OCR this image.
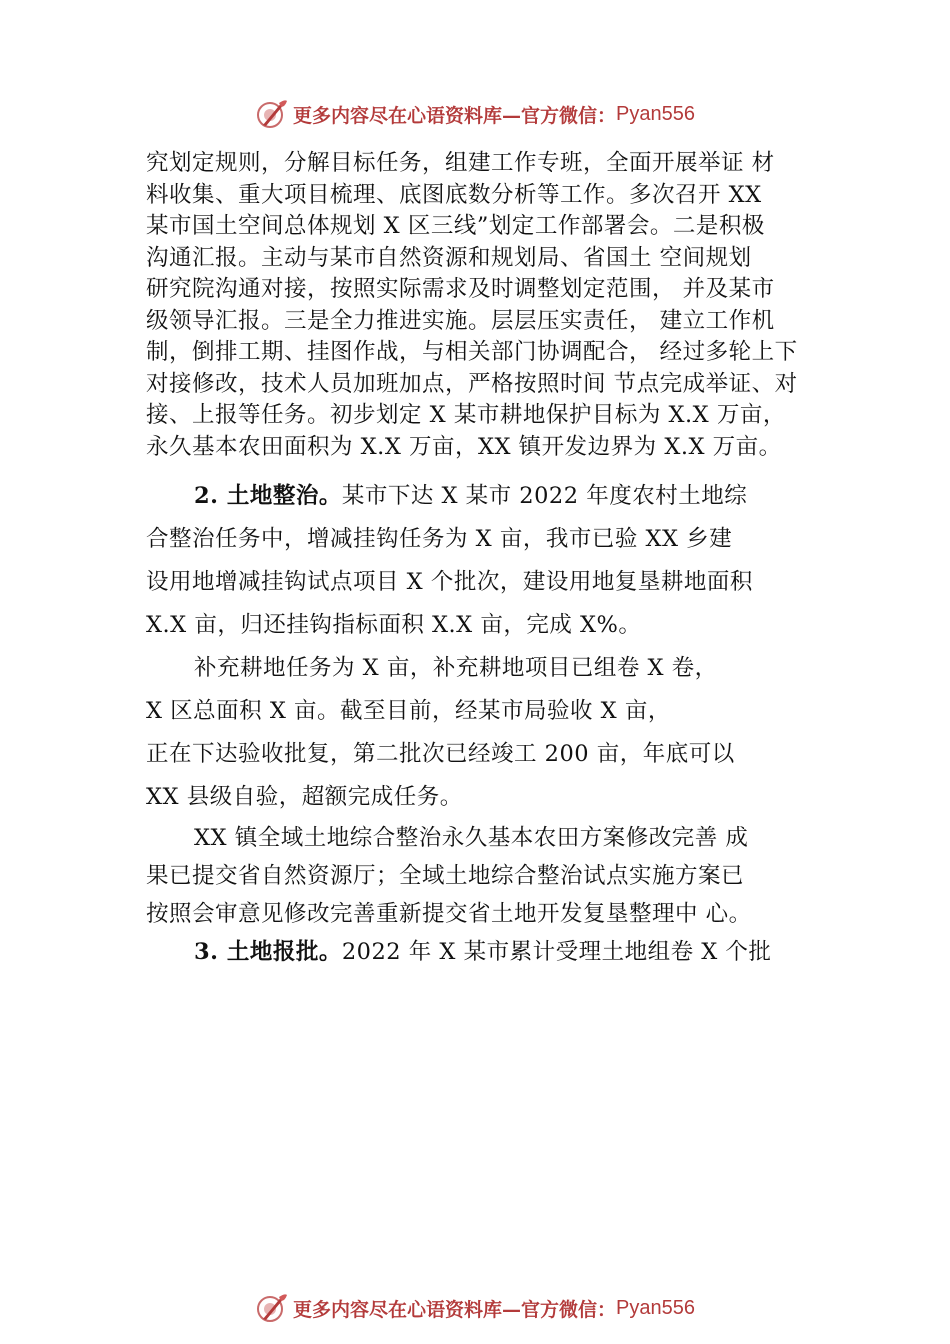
更多内容尽在心语资料库—官方微信： Pyan556
究划定规则，分解目标任务，组建工作专班，全面开展举证 材
料收集、重大项目梳理、底图底数分析等工作。多次召开 XX
某市国土空间总体规划 X 区三线”划定工作部署会。二是积极
沟通汇报。主动与某市自然资源和规划局、省国土 空间规划
研究院沟通对接，按照实际需求及时调整划定范围， 并及某市
级领导汇报。三是全力推进实施。层层压实责任， 建立工作机
制，倒排工期、挂图作战，与相关部门协调配合， 经过多轮上下
对接修改，技术人员加班加点，严格按照时间 节点完成举证、对
接、上报等任务。初步划定 X 某市耕地保护目标为 X.X 万亩，
永久基本农田面积为 X.X 万亩，XX 镇开发边界为 X.X 万亩。
2. 土地整治。某市下达 X 某市 2022 年度农村土地综
合整治任务中，增减挂钩任务为 X 亩，我市已验 XX 乡建
设用地增减挂钩试点项目 X 个批次，建设用地复垦耕地面积
X.X 亩，归还挂钩指标面积 X.X 亩，完成 X%。
补充耕地任务为 X 亩，补充耕地项目已组卷 X 卷，
X 区总面积 X 亩。截至目前，经某市局验收 X 亩，
正在下达验收批复，第二批次已经竣工 200 亩，年底可以
XX 县级自验，超额完成任务。
XX 镇全域土地综合整治永久基本农田方案修改完善 成
果已提交省自然资源厅；全域土地综合整治试点实施方案已
按照会审意见修改完善重新提交省土地开发复垦整理中 心。
3. 土地报批。2022 年 X 某市累计受理土地组卷 X 个批
更多内容尽在心语资料库—官方微信： Pyan556
